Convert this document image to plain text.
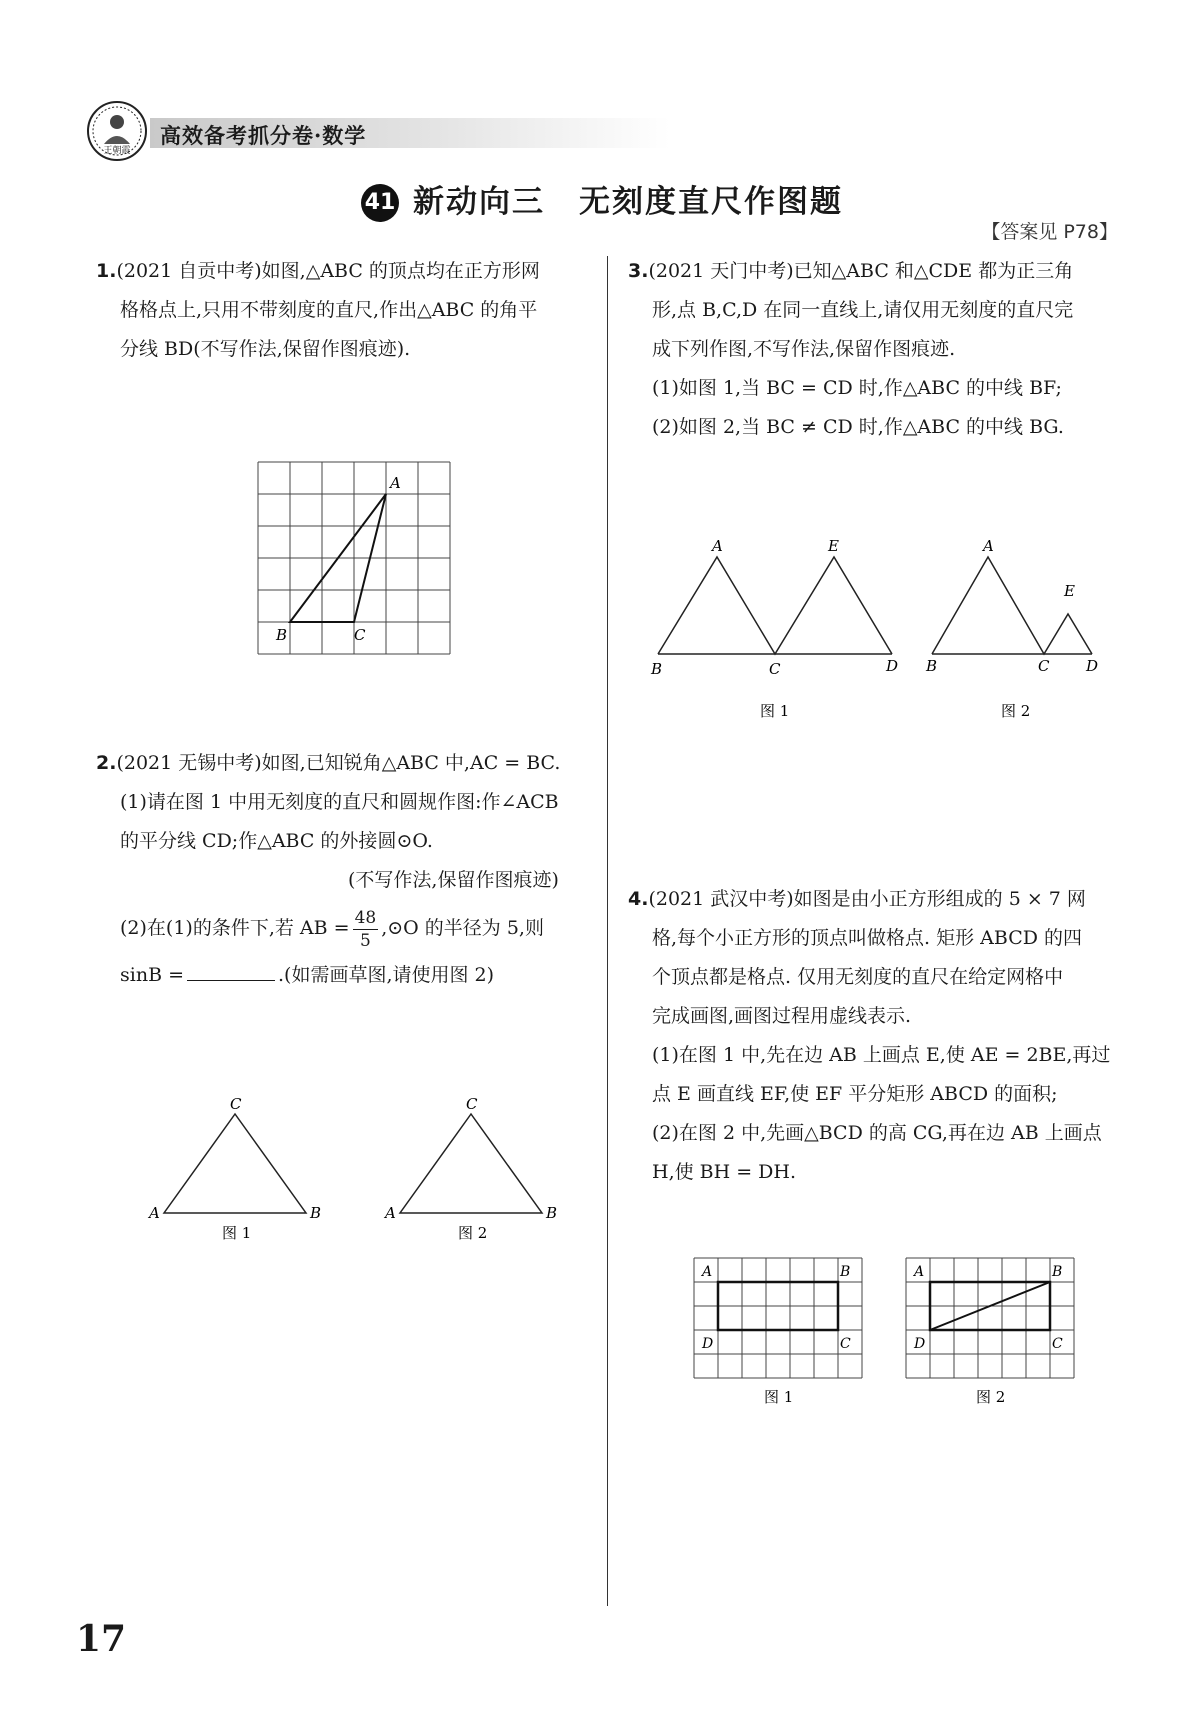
王朝霞
高效备考抓分卷·数学
41 新动向三 无刻度直尺作图题
【答案见 P78】
1.(2021 自贡中考)如图,△ABC 的顶点均在正方形网
格格点上,只用不带刻度的直尺,作出△ABC 的角平
分线 BD(不写作法,保留作图痕迹).
A
B	C
2.(2021 无锡中考)如图,已知锐角△ABC 中,AC = BC.
(1)请在图 1 中用无刻度的直尺和圆规作图:作∠ACB
的平分线 CD;作△ABC 的外接圆⊙O.
(不写作法,保留作图痕迹)
(2)在(1)的条件下,若 AB = $\frac{48}{5}$ ,⊙O 的半径为 5,则
sinB =	.(如需画草图,请使用图 2)
C
A	B
图 1
C
A	B
图 2
3.(2021 天门中考)已知△ABC 和△CDE 都为正三角
形,点 B,C,D 在同一直线上,请仅用无刻度的直尺完
成下列作图,不写作法,保留作图痕迹.
(1)如图 1,当 BC = CD 时,作△ABC 的中线 BF;
(2)如图 2,当 BC ≠ CD 时,作△ABC 的中线 BG.
A	E
B	C	D
图 1
A
E
B	C D
图 2
4.(2021 武汉中考)如图是由小正方形组成的 5 × 7 网
格,每个小正方形的顶点叫做格点. 矩形 ABCD 的四
个顶点都是格点. 仅用无刻度的直尺在给定网格中
完成画图,画图过程用虚线表示.
(1)在图 1 中,先在边 AB 上画点 E,使 AE = 2BE,再过
点 E 画直线 EF,使 EF 平分矩形 ABCD 的面积;
(2)在图 2 中,先画△BCD 的高 CG,再在边 AB 上画点
H,使 BH = DH.
A	B
D	C
图 1
A	B
D	C
图 2
17
